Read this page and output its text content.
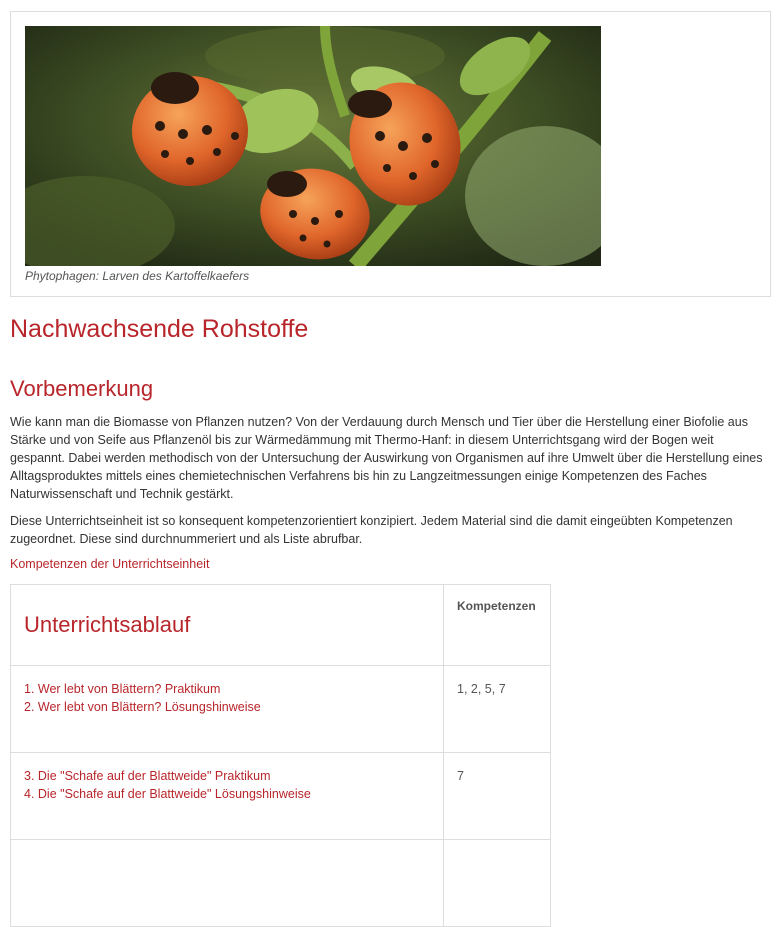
Phytophagen: Larven des Kartoffelkaefers
Nachwachsende Rohstoffe
Vorbemerkung

Wie kann man die Biomasse von Pflanzen nutzen? Von der Verdauung durch Mensch und Tier über die Herstellung einer Biofolie aus Stärke und von Seife aus Pflanzenöl bis zur Wärmedämmung mit Thermo-Hanf: in diesem Unterrichtsgang wird der Bogen weit gespannt. Dabei werden methodisch von der Untersuchung der Auswirkung von Organismen auf ihre Umwelt über die Herstellung eines Alltagsproduktes mittels eines chemietechnischen Verfahrens bis hin zu Langzeitmessungen einige Kompetenzen des Faches Naturwissenschaft und Technik gestärkt.

Diese Unterrichtseinheit ist so konsequent kompetenzorientiert konzipiert. Jedem Material sind die damit eingeübten Kompetenzen zugeordnet. Diese sind durchnummeriert und als Liste abrufbar.

Kompetenzen der Unterrichtseinheit
Unterrichtsablauf	Kompetenzen

1. Wer lebt von Blättern? Praktikum
2. Wer lebt von Blättern? Lösungshinweise	1, 2, 5, 7

3. Die "Schafe auf der Blattweide" Praktikum
4. Die "Schafe auf der Blattweide" Lösungshinweise	7
